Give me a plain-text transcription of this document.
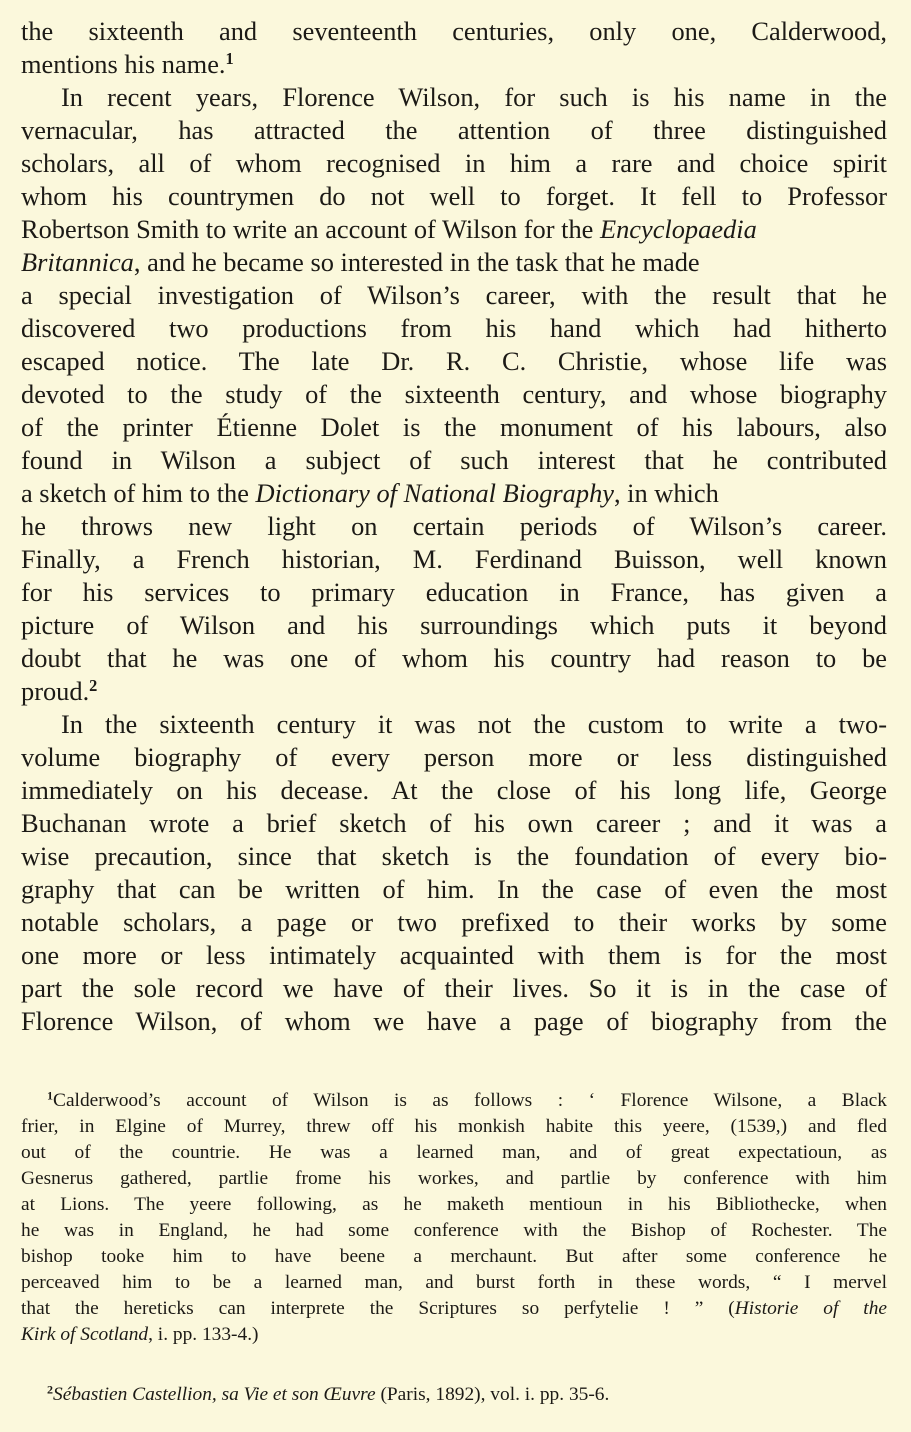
the sixteenth and seventeenth centuries, only one, Calderwood,
mentions his name.$^1$
In recent years, Florence Wilson, for such is his name in the
vernacular, has attracted the attention of three distinguished
scholars, all of whom recognised in him a rare and choice spirit
whom his countrymen do not well to forget. It fell to Professor
Robertson Smith to write an account of Wilson for the Encyclopaedia
Britannica, and he became so interested in the task that he made
a special investigation of Wilson’s career, with the result that he
discovered two productions from his hand which had hitherto
escaped notice. The late Dr. R. C. Christie, whose life was
devoted to the study of the sixteenth century, and whose biography
of the printer Étienne Dolet is the monument of his labours, also
found in Wilson a subject of such interest that he contributed
a sketch of him to the Dictionary of National Biography, in which
he throws new light on certain periods of Wilson’s career.
Finally, a French historian, M. Ferdinand Buisson, well known
for his services to primary education in France, has given a
picture of Wilson and his surroundings which puts it beyond
doubt that he was one of whom his country had reason to be
proud.$^2$
In the sixteenth century it was not the custom to write a two-
volume biography of every person more or less distinguished
immediately on his decease. At the close of his long life, George
Buchanan wrote a brief sketch of his own career ; and it was a
wise precaution, since that sketch is the foundation of every bio-
graphy that can be written of him. In the case of even the most
notable scholars, a page or two prefixed to their works by some
one more or less intimately acquainted with them is for the most
part the sole record we have of their lives. So it is in the case of
Florence Wilson, of whom we have a page of biography from the
$^1$Calderwood’s account of Wilson is as follows : ‘ Florence Wilsone, a Black
frier, in Elgine of Murrey, threw off his monkish habite this yeere, (1539,) and fled
out of the countrie. He was a learned man, and of great expectatioun, as
Gesnerus gathered, partlie frome his workes, and partlie by conference with him
at Lions. The yeere following, as he maketh mentioun in his Bibliothecke, when
he was in England, he had some conference with the Bishop of Rochester. The
bishop tooke him to have beene a merchaunt. But after some conference he
perceaved him to be a learned man, and burst forth in these words, “ I mervel
that the hereticks can interprete the Scriptures so perfytelie ! ” (Historie of the
Kirk of Scotland, i. pp. 133-4.)
$^2$Sébastien Castellion, sa Vie et son Œuvre (Paris, 1892), vol. i. pp. 35-6.
